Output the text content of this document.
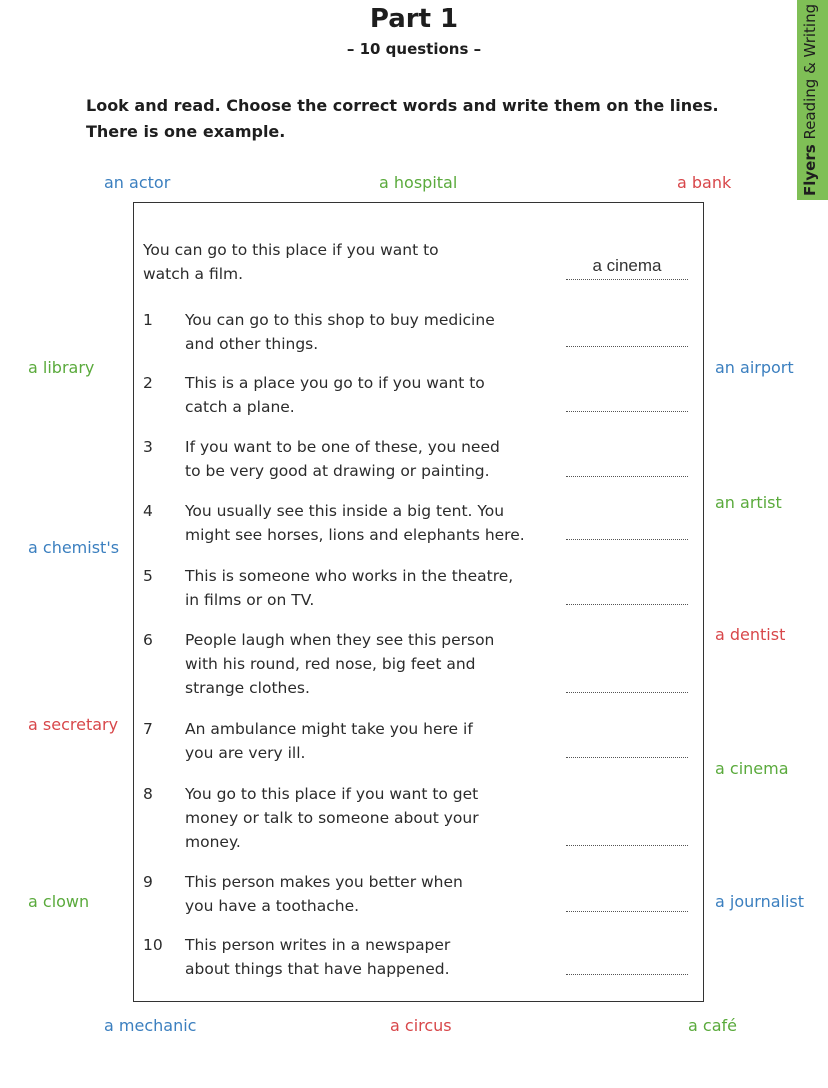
Part 1
– 10 questions –
Look and read. Choose the correct words and write them on the lines.
There is one example.
Flyers Reading & Writing
an actor	a hospital	a bank
a library	an airport
an artist
a chemist's
a dentist
a secretary
a cinema
a clown	a journalist
a mechanic	a circus	a café
You can go to this place if you want to
watch a film.	a cinema
1 You can go to this shop to buy medicine
and other things.
2 This is a place you go to if you want to
catch a plane.
3 If you want to be one of these, you need
to be very good at drawing or painting.
4 You usually see this inside a big tent. You
might see horses, lions and elephants here.
5 This is someone who works in the theatre,
in films or on TV.
6 People laugh when they see this person
with his round, red nose, big feet and
strange clothes.
7 An ambulance might take you here if
you are very ill.
8 You go to this place if you want to get
money or talk to someone about your
money.
9 This person makes you better when
you have a toothache.
10 This person writes in a newspaper
about things that have happened.
